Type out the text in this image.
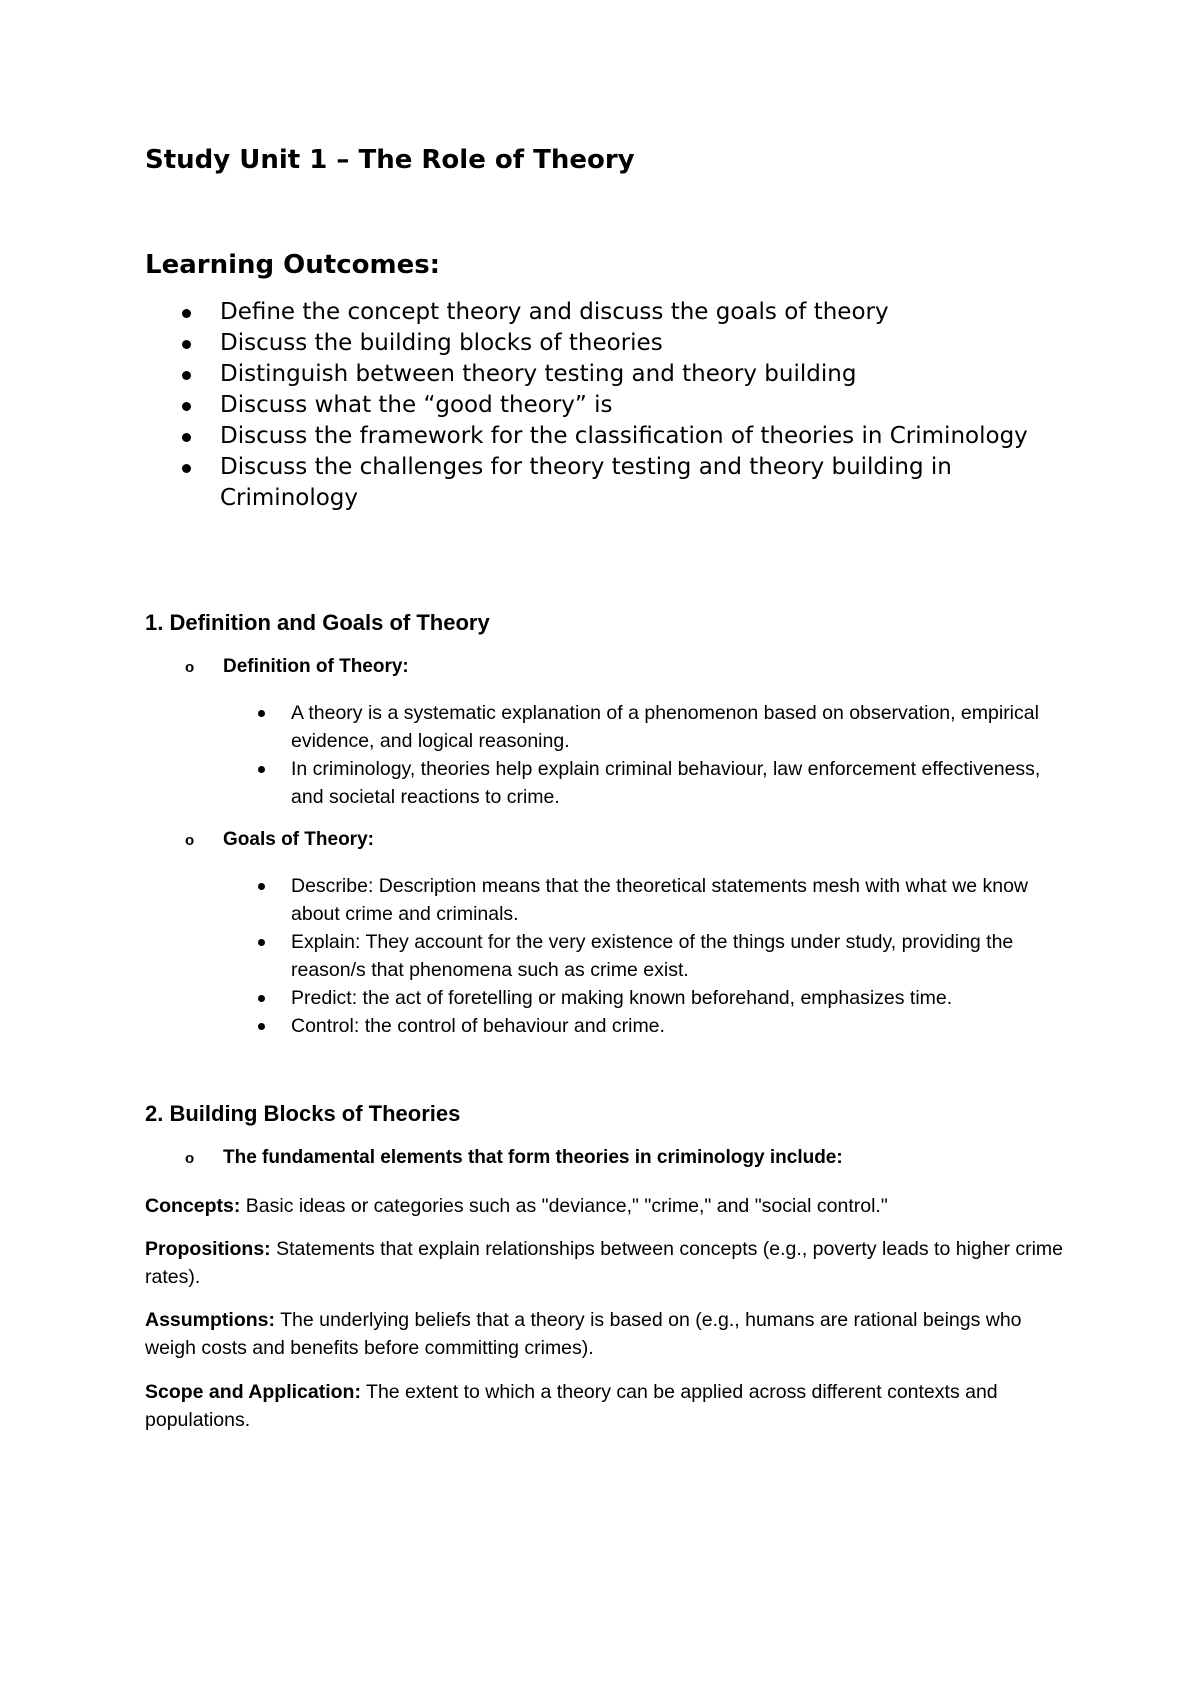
Study Unit 1 – The Role of Theory
Learning Outcomes:
Define the concept theory and discuss the goals of theory
Discuss the building blocks of theories
Distinguish between theory testing and theory building
Discuss what the “good theory” is
Discuss the framework for the classification of theories in Criminology
Discuss the challenges for theory testing and theory building in Criminology
1. Definition and Goals of Theory
o Definition of Theory:
A theory is a systematic explanation of a phenomenon based on observation, empirical evidence, and logical reasoning.
In criminology, theories help explain criminal behaviour, law enforcement effectiveness, and societal reactions to crime.
o Goals of Theory:
Describe: Description means that the theoretical statements mesh with what we know about crime and criminals.
Explain: They account for the very existence of the things under study, providing the reason/s that phenomena such as crime exist.
Predict: the act of foretelling or making known beforehand, emphasizes time.
Control: the control of behaviour and crime.
2. Building Blocks of Theories
o The fundamental elements that form theories in criminology include:
Concepts: Basic ideas or categories such as "deviance," "crime," and "social control."
Propositions: Statements that explain relationships between concepts (e.g., poverty leads to higher crime rates).
Assumptions: The underlying beliefs that a theory is based on (e.g., humans are rational beings who weigh costs and benefits before committing crimes).
Scope and Application: The extent to which a theory can be applied across different contexts and populations.
